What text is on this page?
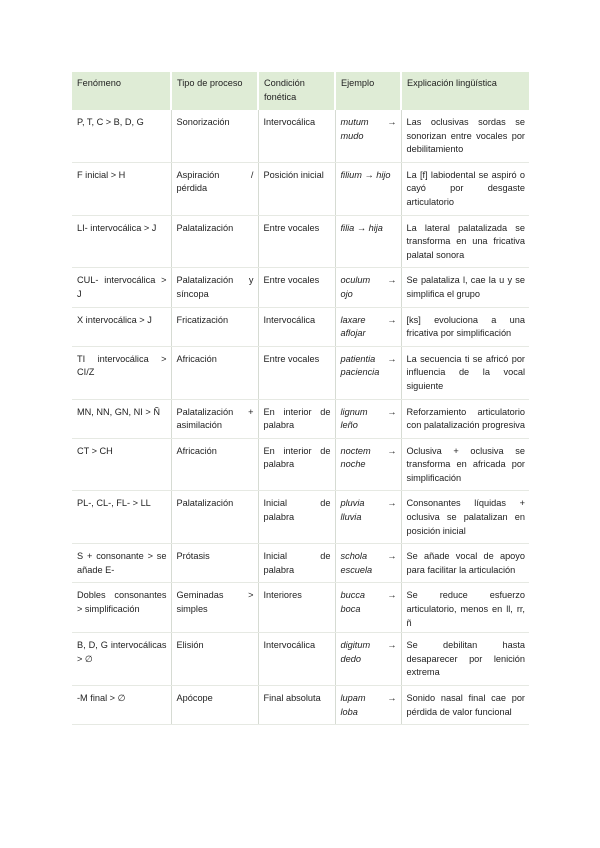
Fenómeno	Tipo de proceso	Condición fonética	Ejemplo	Explicación lingüística
P, T, C > B, D, G	Sonorización	Intervocálica	mutum → mudo	Las oclusivas sordas se sonorizan entre vocales por debilitamiento
F inicial > H	Aspiración / pérdida	Posición inicial	filium → hijo	La [f] labiodental se aspiró o cayó por desgaste articulatorio
LI- intervocálica > J	Palatalización	Entre vocales	filia → hija	La lateral palatalizada se transforma en una fricativa palatal sonora
CUL- intervocálica > J	Palatalización y síncopa	Entre vocales	oculum → ojo	Se palataliza l, cae la u y se simplifica el grupo
X intervocálica > J	Fricatización	Intervocálica	laxare → aflojar	[ks] evoluciona a una fricativa por simplificación
TI intervocálica > CI/Z	Africación	Entre vocales	patientia → paciencia	La secuencia ti se africó por influencia de la vocal siguiente
MN, NN, GN, NI > Ñ	Palatalización + asimilación	En interior de palabra	lignum → leño	Reforzamiento articulatorio con palatalización progresiva
CT > CH	Africación	En interior de palabra	noctem → noche	Oclusiva + oclusiva se transforma en africada por simplificación
PL-, CL-, FL- > LL	Palatalización	Inicial de palabra	pluvia → lluvia	Consonantes líquidas + oclusiva se palatalizan en posición inicial
S + consonante > se añade E-	Prótasis	Inicial de palabra	schola → escuela	Se añade vocal de apoyo para facilitar la articulación
Dobles consonantes > simplificación	Geminadas > simples	Interiores	bucca → boca	Se reduce esfuerzo articulatorio, menos en ll, rr, ñ
B, D, G intervocálicas > ∅	Elisión	Intervocálica	digitum → dedo	Se debilitan hasta desaparecer por lenición extrema
-M final > ∅	Apócope	Final absoluta	lupam → loba	Sonido nasal final cae por pérdida de valor funcional
